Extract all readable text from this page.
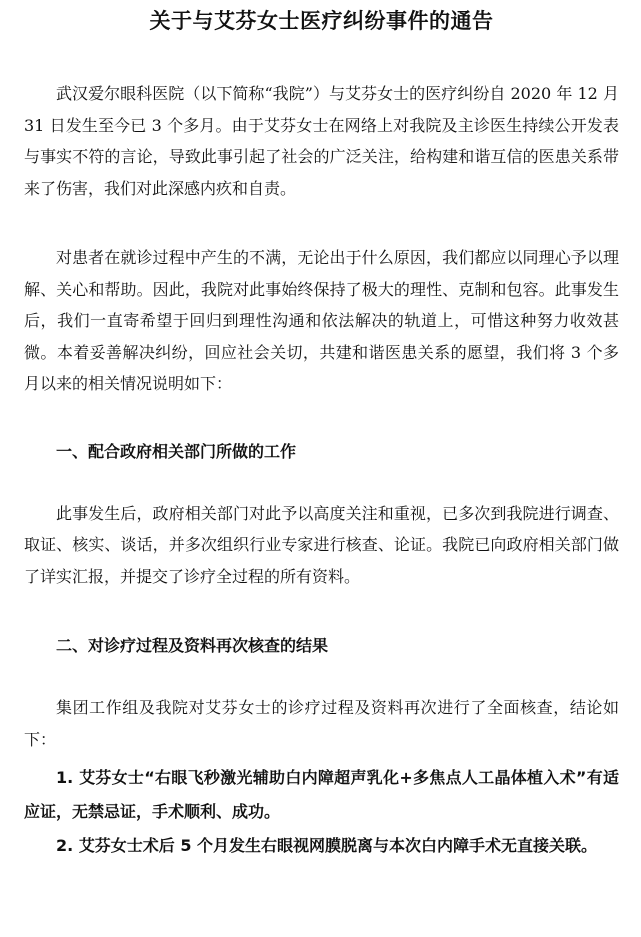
关于与艾芬女士医疗纠纷事件的通告

武汉爱尔眼科医院（以下简称“我院”）与艾芬女士的医疗纠纷自 2020 年 12 月 31 日发生至今已 3 个多月。由于艾芬女士在网络上对我院及主诊医生持续公开发表与事实不符的言论，导致此事引起了社会的广泛关注，给构建和谐互信的医患关系带来了伤害，我们对此深感内疚和自责。

对患者在就诊过程中产生的不满，无论出于什么原因，我们都应以同理心予以理解、关心和帮助。因此，我院对此事始终保持了极大的理性、克制和包容。此事发生后，我们一直寄希望于回归到理性沟通和依法解决的轨道上，可惜这种努力收效甚微。本着妥善解决纠纷，回应社会关切，共建和谐医患关系的愿望，我们将 3 个多月以来的相关情况说明如下：

一、配合政府相关部门所做的工作

此事发生后，政府相关部门对此予以高度关注和重视，已多次到我院进行调查、取证、核实、谈话，并多次组织行业专家进行核查、论证。我院已向政府相关部门做了详实汇报，并提交了诊疗全过程的所有资料。

二、对诊疗过程及资料再次核查的结果

集团工作组及我院对艾芬女士的诊疗过程及资料再次进行了全面核查，结论如下：

1. 艾芬女士“右眼飞秒激光辅助白内障超声乳化+多焦点人工晶体植入术”有适应证，无禁忌证，手术顺利、成功。

2. 艾芬女士术后 5 个月发生右眼视网膜脱离与本次白内障手术无直接关联。
